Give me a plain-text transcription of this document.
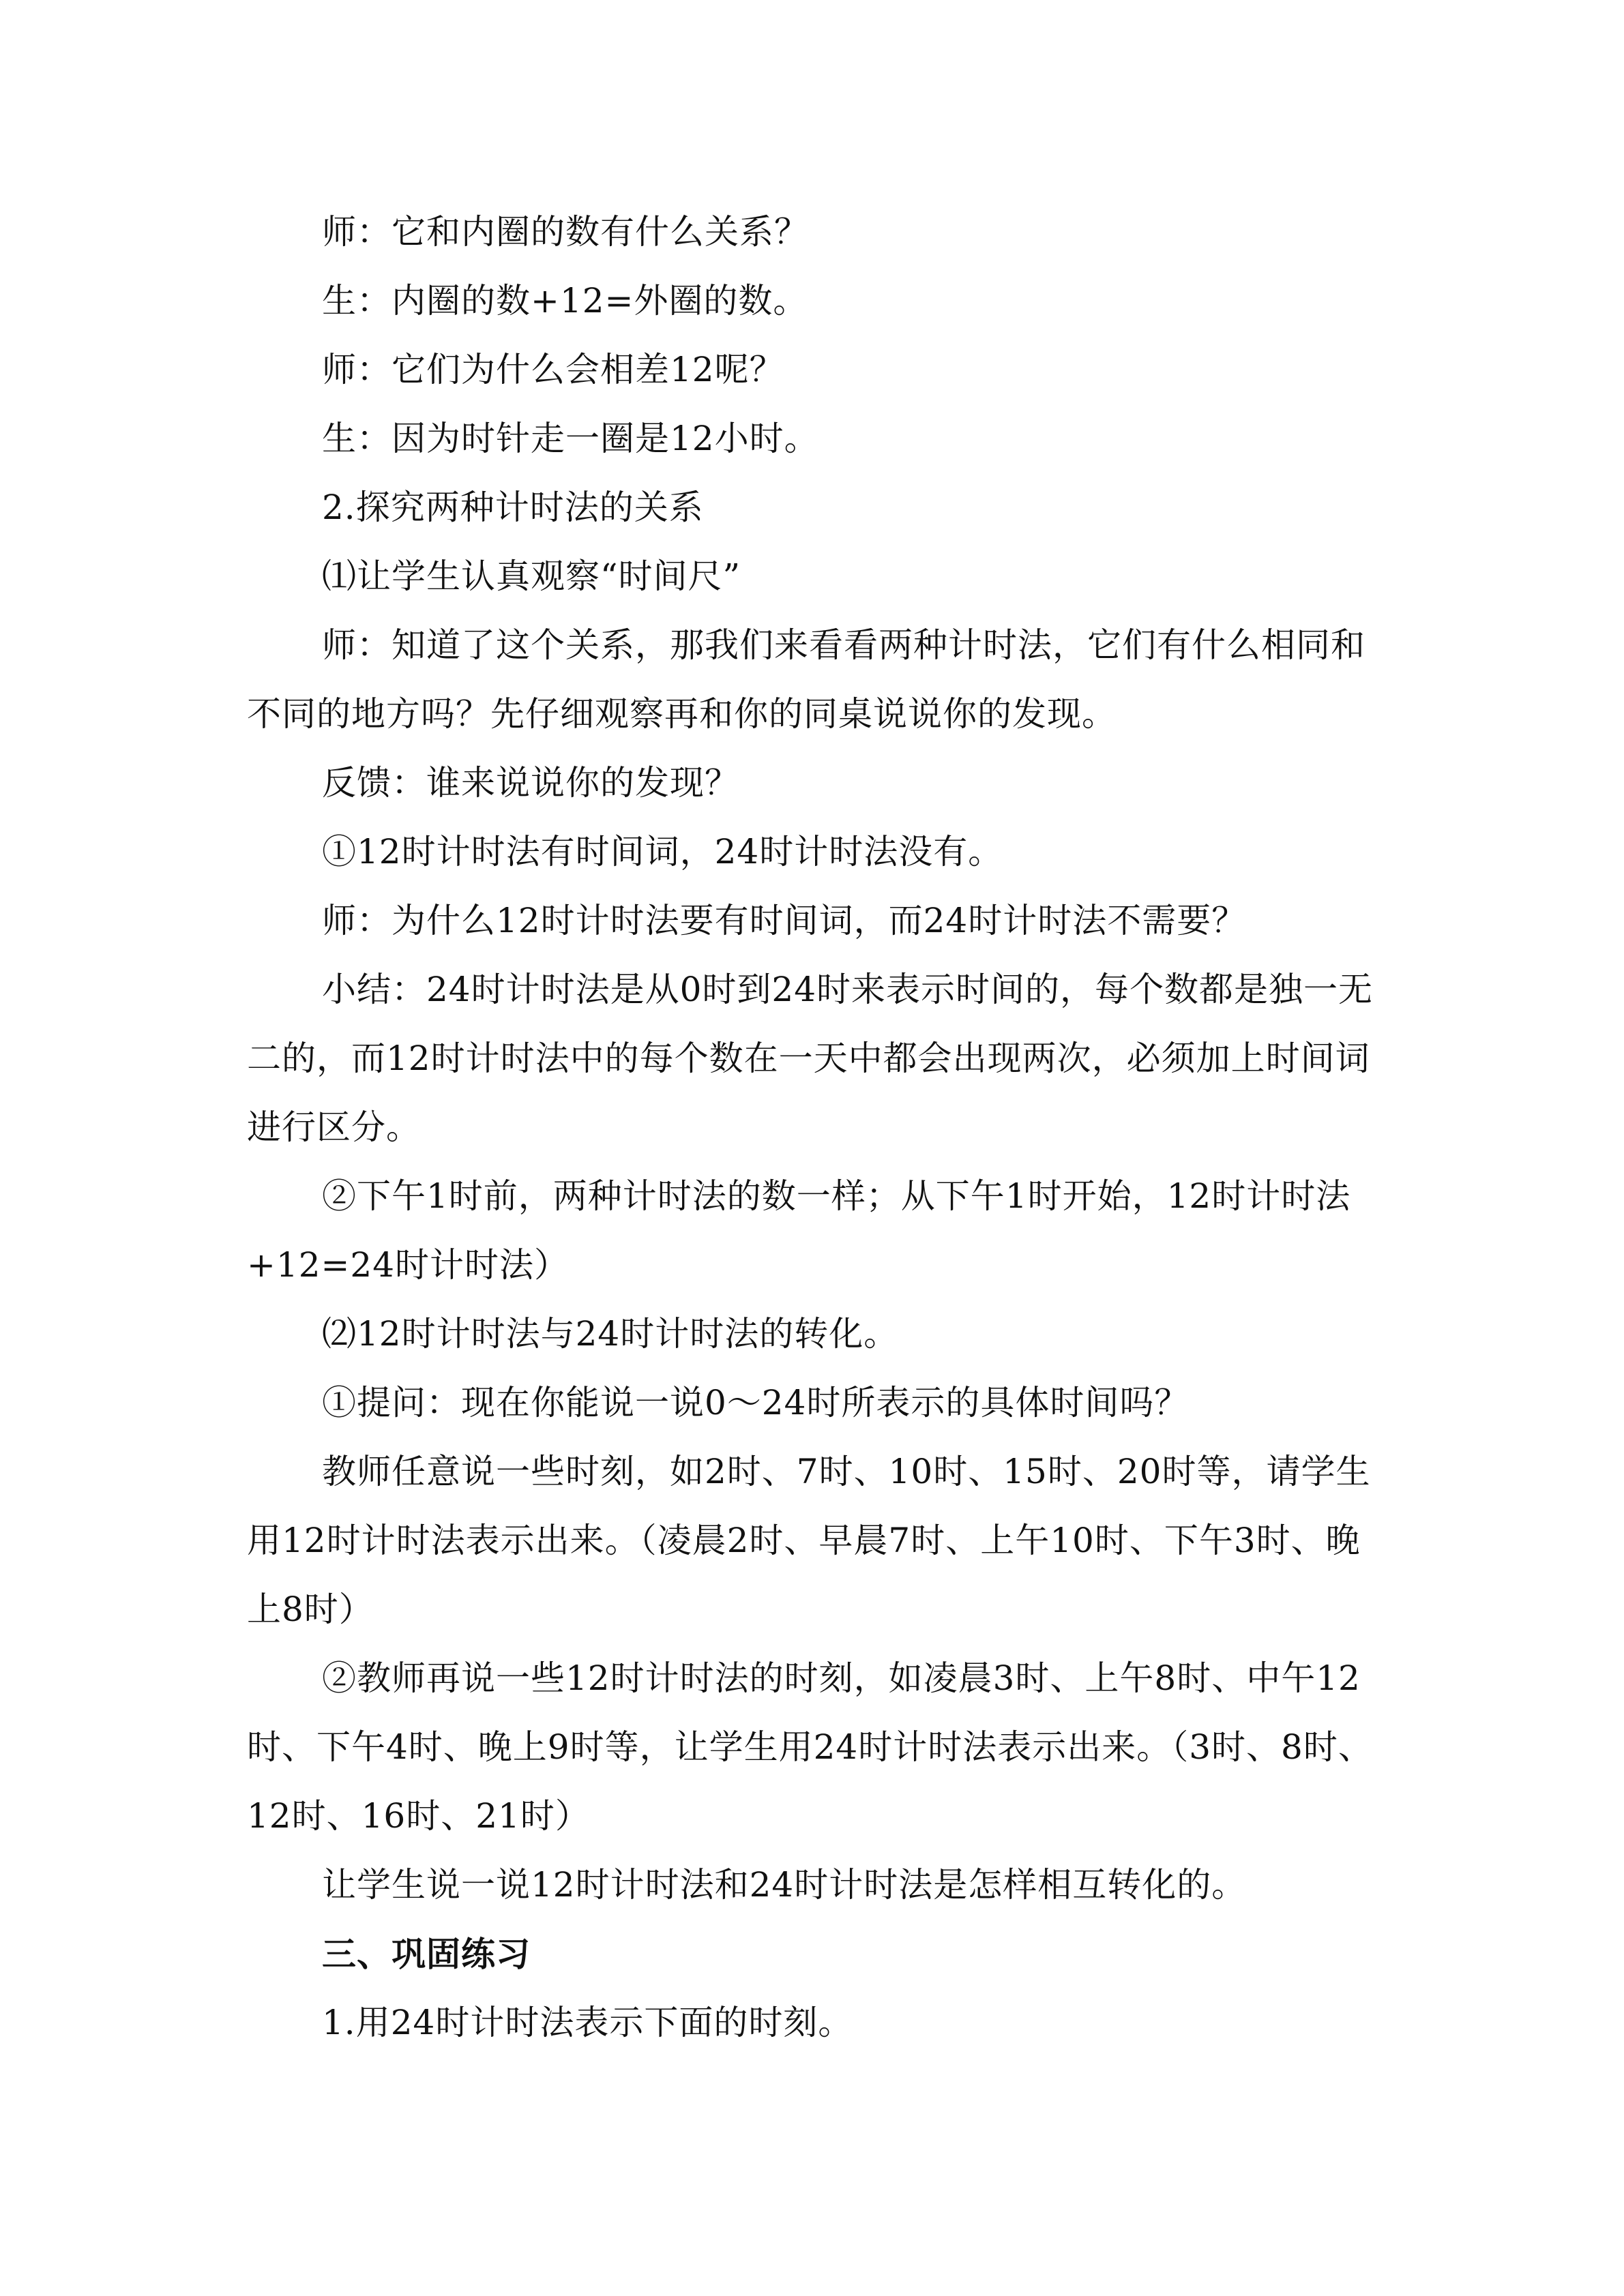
师：它和内圈的数有什么关系？

生：内圈的数+12=外圈的数。

师：它们为什么会相差12呢？

生：因为时针走一圈是12小时。

2.探究两种计时法的关系

⑴让学生认真观察“时间尺”

师：知道了这个关系，那我们来看看两种计时法，它们有什么相同和不同的地方吗？先仔细观察再和你的同桌说说你的发现。

反馈：谁来说说你的发现？

①12时计时法有时间词，24时计时法没有。

师：为什么12时计时法要有时间词，而24时计时法不需要？

小结：24时计时法是从0时到24时来表示时间的，每个数都是独一无二的，而12时计时法中的每个数在一天中都会出现两次，必须加上时间词进行区分。

②下午1时前，两种计时法的数一样；从下午1时开始，12时计时法+12=24时计时法）

⑵12时计时法与24时计时法的转化。

①提问：现在你能说一说0～24时所表示的具体时间吗？

教师任意说一些时刻，如2时、7时、10时、15时、20时等，请学生用12时计时法表示出来。（凌晨2时、早晨7时、上午10时、下午3时、晚上8时）

②教师再说一些12时计时法的时刻，如凌晨3时、上午8时、中午12时、下午4时、晚上9时等，让学生用24时计时法表示出来。（3时、8时、12时、16时、21时）

让学生说一说12时计时法和24时计时法是怎样相互转化的。

三、巩固练习

1.用24时计时法表示下面的时刻。
